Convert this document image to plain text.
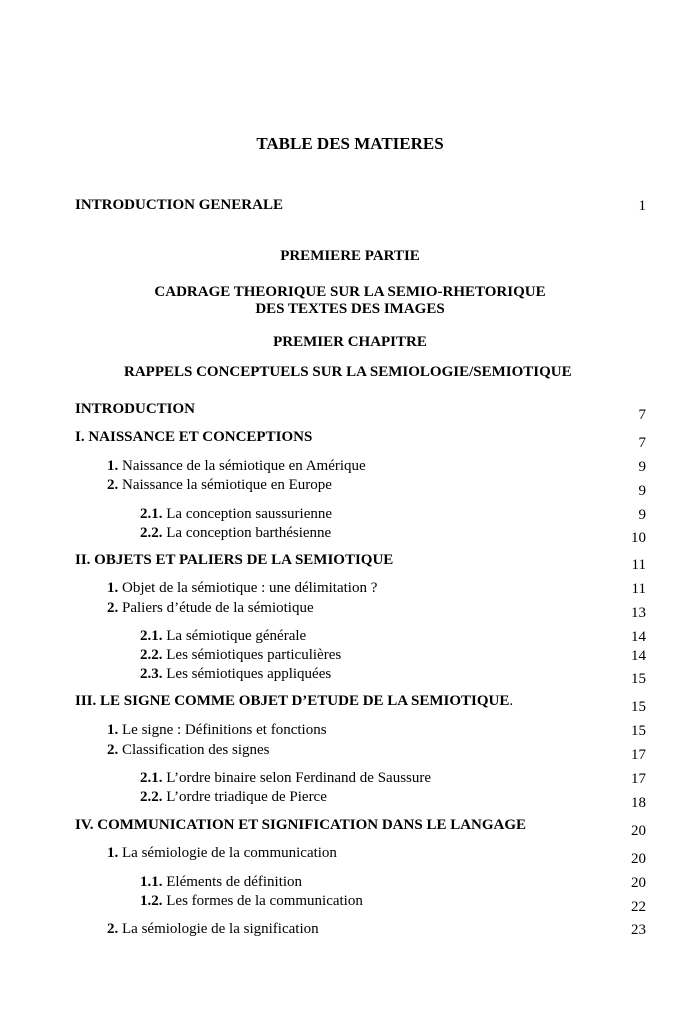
TABLE DES MATIERES
INTRODUCTION GENERALE	1
PREMIERE PARTIE
CADRAGE THEORIQUE SUR LA SEMIO-RHETORIQUE
DES TEXTES DES IMAGES
PREMIER CHAPITRE
RAPPELS CONCEPTUELS SUR LA SEMIOLOGIE/SEMIOTIQUE
INTRODUCTION	7
I. NAISSANCE ET CONCEPTIONS	7
1. Naissance de la sémiotique en Amérique	9
2. Naissance la sémiotique en Europe	9
2.1. La conception saussurienne	9
2.2. La conception barthésienne	10
II. OBJETS ET PALIERS DE LA SEMIOTIQUE	11
1. Objet de la sémiotique : une délimitation ?	11
2. Paliers d’étude de la sémiotique	13
2.1. La sémiotique générale	14
2.2. Les sémiotiques particulières	14
2.3. Les sémiotiques appliquées	15
III. LE SIGNE COMME OBJET D’ETUDE DE LA SEMIOTIQUE.	15
1. Le signe : Définitions et fonctions	15
2. Classification des signes	17
2.1. L’ordre binaire selon Ferdinand de Saussure	17
2.2. L’ordre triadique de Pierce	18
IV. COMMUNICATION ET SIGNIFICATION DANS LE LANGAGE	20
1. La sémiologie de la communication	20
1.1. Eléments de définition	20
1.2. Les formes de la communication	22
2. La sémiologie de la signification	23
